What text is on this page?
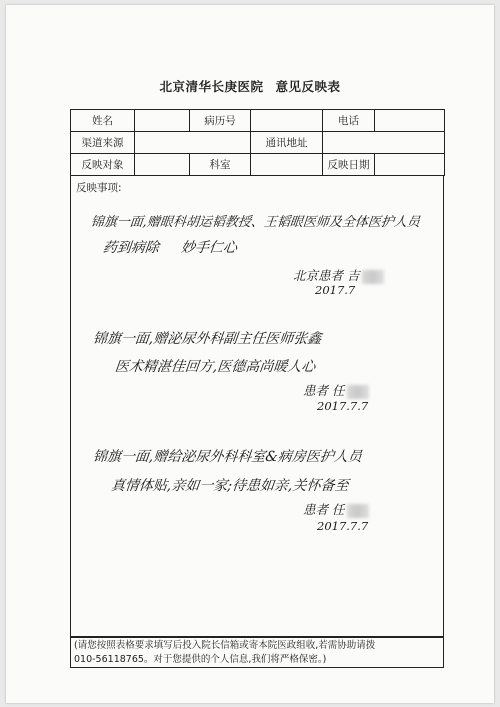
北京清华长庚医院 意见反映表
姓名		病历号		电话	
渠道来源			通讯地址		
反映对象		科室		反映日期	
反映事项:
锦旗一面,赠眼科胡运韬教授、王韬眼医师及全体医护人员
药到病除 妙手仁心
北京患者 吉
2017.7
锦旗一面,赠泌尿外科副主任医师张鑫
医术精湛佳回方,医德高尚暖人心
患者 任
2017.7.7
锦旗一面,赠给泌尿外科科室&病房医护人员
真情体贴,亲如一家;待患如亲,关怀备至
患者 任
2017.7.7
(请您按照表格要求填写后投入院长信箱或寄本院医政组收,若需协助请拨
010-56118765。对于您提供的个人信息,我们将严格保密。)
